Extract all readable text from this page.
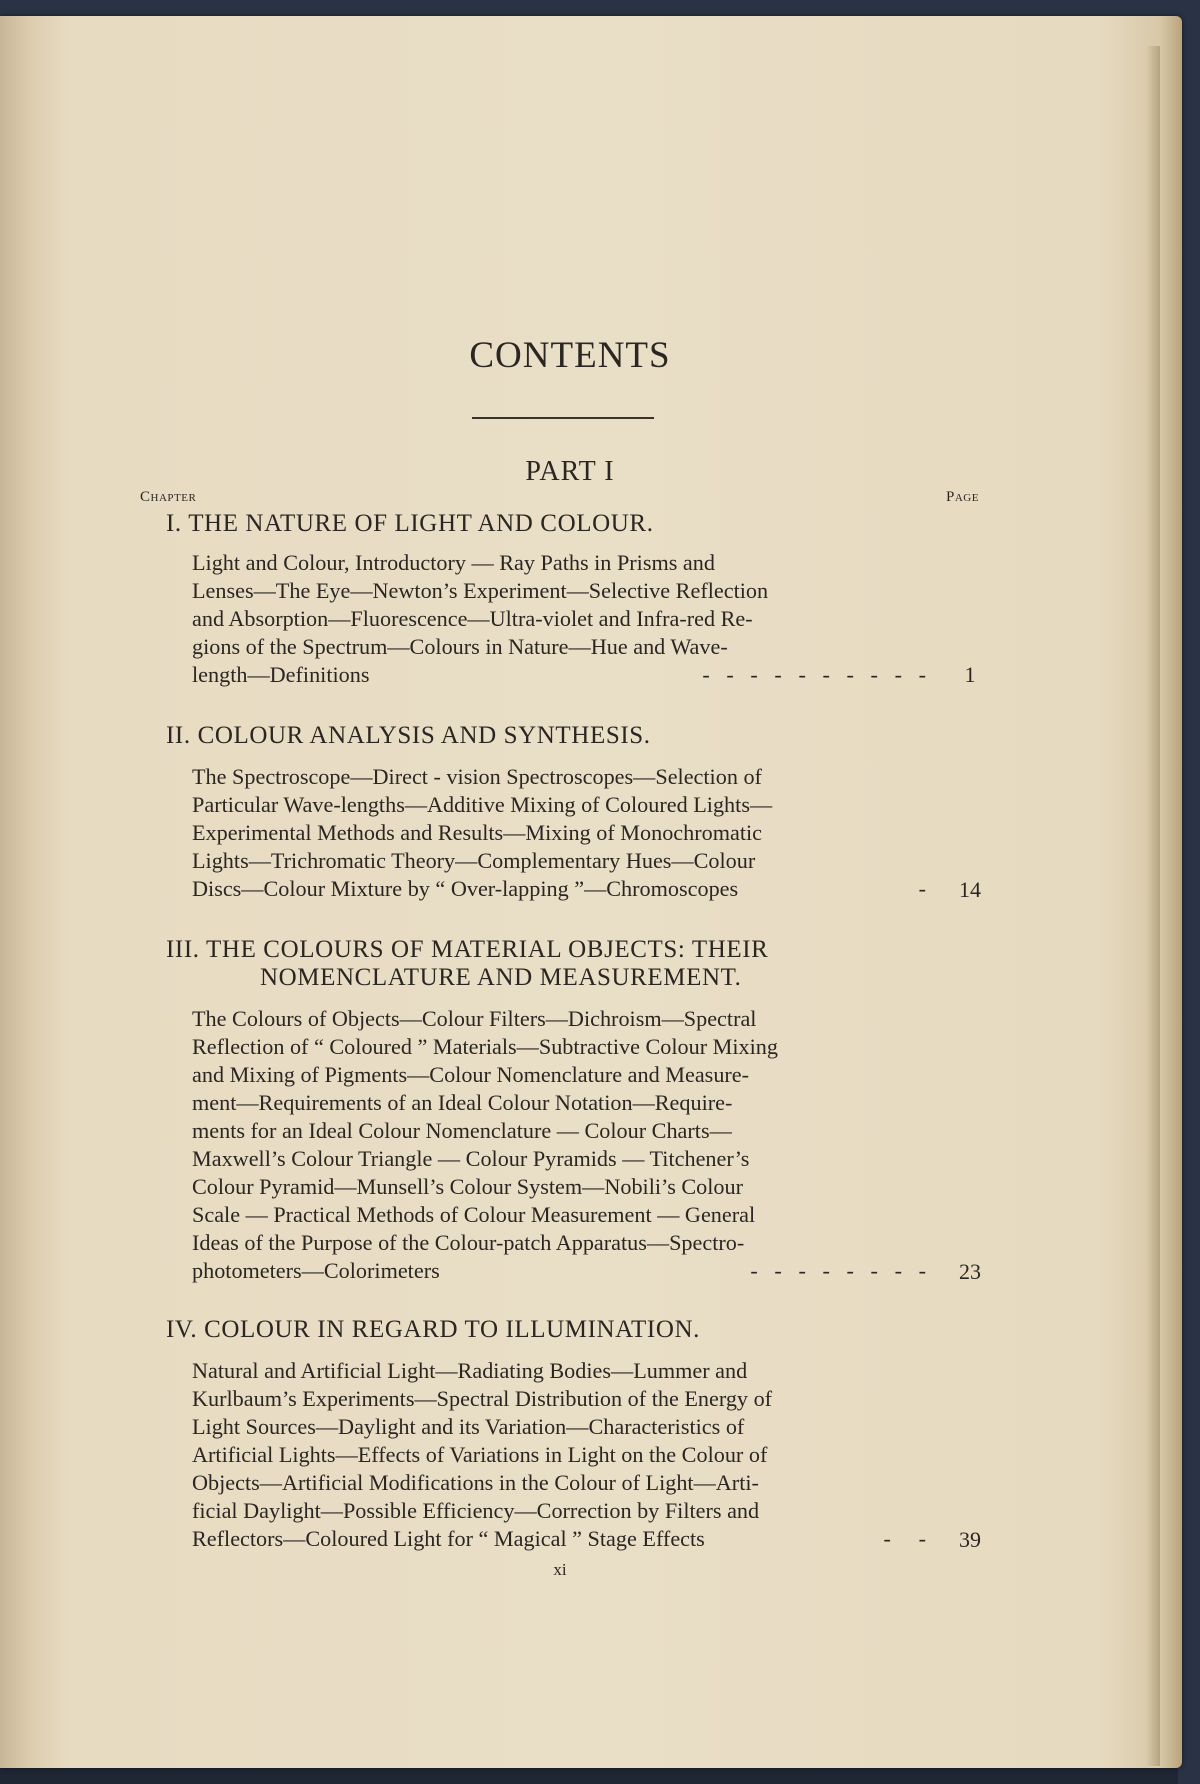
CONTENTS
PART I
Chapter	Page
I. THE NATURE OF LIGHT AND COLOUR.
Light and Colour, Introductory — Ray Paths in Prisms and
Lenses—The Eye—Newton’s Experiment—Selective Reflection
and Absorption—Fluorescence—Ultra-violet and Infra-red Re-
gions of the Spectrum—Colours in Nature—Hue and Wave-
length—Definitions	-   -   -   -   -   -   -   -   -   -	1
II. COLOUR ANALYSIS AND SYNTHESIS.
The Spectroscope—Direct - vision Spectroscopes—Selection of
Particular Wave-lengths—Additive Mixing of Coloured Lights—
Experimental Methods and Results—Mixing of Monochromatic
Lights—Trichromatic Theory—Complementary Hues—Colour
Discs—Colour Mixture by “ Over-lapping ”—Chromoscopes	-	14
III. THE COLOURS OF MATERIAL OBJECTS: THEIR
NOMENCLATURE AND MEASUREMENT.
The Colours of Objects—Colour Filters—Dichroism—Spectral
Reflection of “ Coloured ” Materials—Subtractive Colour Mixing
and Mixing of Pigments—Colour Nomenclature and Measure-
ment—Requirements of an Ideal Colour Notation—Require-
ments for an Ideal Colour Nomenclature — Colour Charts—
Maxwell’s Colour Triangle — Colour Pyramids — Titchener’s
Colour Pyramid—Munsell’s Colour System—Nobili’s Colour
Scale — Practical Methods of Colour Measurement — General
Ideas of the Purpose of the Colour-patch Apparatus—Spectro-
photometers—Colorimeters	-   -   -   -   -   -   -   -	23
IV. COLOUR IN REGARD TO ILLUMINATION.
Natural and Artificial Light—Radiating Bodies—Lummer and
Kurlbaum’s Experiments—Spectral Distribution of the Energy of
Light Sources—Daylight and its Variation—Characteristics of
Artificial Lights—Effects of Variations in Light on the Colour of
Objects—Artificial Modifications in the Colour of Light—Arti-
ficial Daylight—Possible Efficiency—Correction by Filters and
Reflectors—Coloured Light for “ Magical ” Stage Effects	-     -	39
xi
